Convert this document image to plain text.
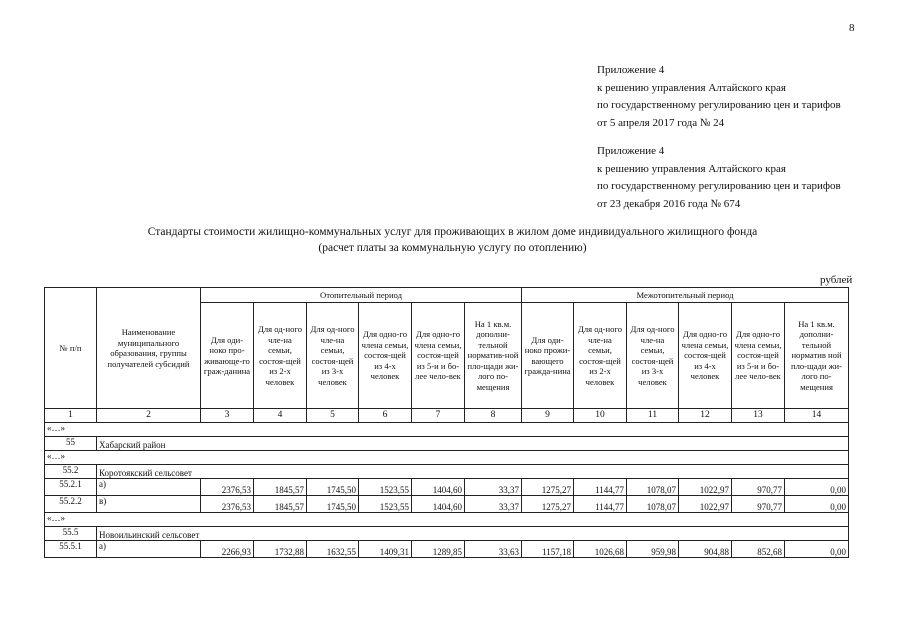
8
Приложение 4
к решению управления Алтайского края
по государственному регулированию цен и тарифов
от 5 апреля 2017 года № 24
Приложение 4
к решению управления Алтайского края
по государственному регулированию цен и тарифов
от 23 декабря 2016 года № 674
Стандарты стоимости жилищно-коммунальных услуг для проживающих в жилом доме индивидуального жилищного фонда
(расчет платы за коммунальную услугу по отоплению)
рублей
№ п/п	Наименование муниципального образования, группы получателей субсидий	Отопительный период						Межотопительный период					
		Для оди-ноко про-живающе-го граж-данина	Для од-ного чле-на семьи, состоя-щей из 2-х человек	Для од-ного чле-на семьи, состоя-щей из 3-х человек	Для одно-го члена семьи, состоя-щей из 4-х человек	Для одно-го члена семьи, состоя-щей из 5-и и бо-лее чело-век	На 1 кв.м. дополни-тельной норматив-ной пло-щади жи-лого по-мещения	Для оди-ноко прожи-вающего гражда-нина	Для од-ного чле-на семьи, состоя-щей из 2-х человек	Для од-ного чле-на семьи, состоя-щей из 3-х человек	Для одно-го члена семьи, состоя-щей из 4-х человек	Для одно-го члена семьи, состоя-щей из 5-и и бо-лее чело-век	На 1 кв.м. дополни-тельной норматив ной пло-щади жи-лого по-мещения
1	2	3	4	5	6	7	8	9	10	11	12	13	14
«…»													
55	Хабарский район												
«…»													
55.2	Коротоякский сельсовет												
55.2.1	а)	2376,53	1845,57	1745,50	1523,55	1404,60	33,37	1275,27	1144,77	1078,07	1022,97	970,77	0,00
55.2.2	в)	2376,53	1845,57	1745,50	1523,55	1404,60	33,37	1275,27	1144,77	1078,07	1022,97	970,77	0,00
«…»													
55.5	Новоильинский сельсовет												
55.5.1	а)	2266,93	1732,88	1632,55	1409,31	1289,85	33,63	1157,18	1026,68	959,98	904,88	852,68	0,00
